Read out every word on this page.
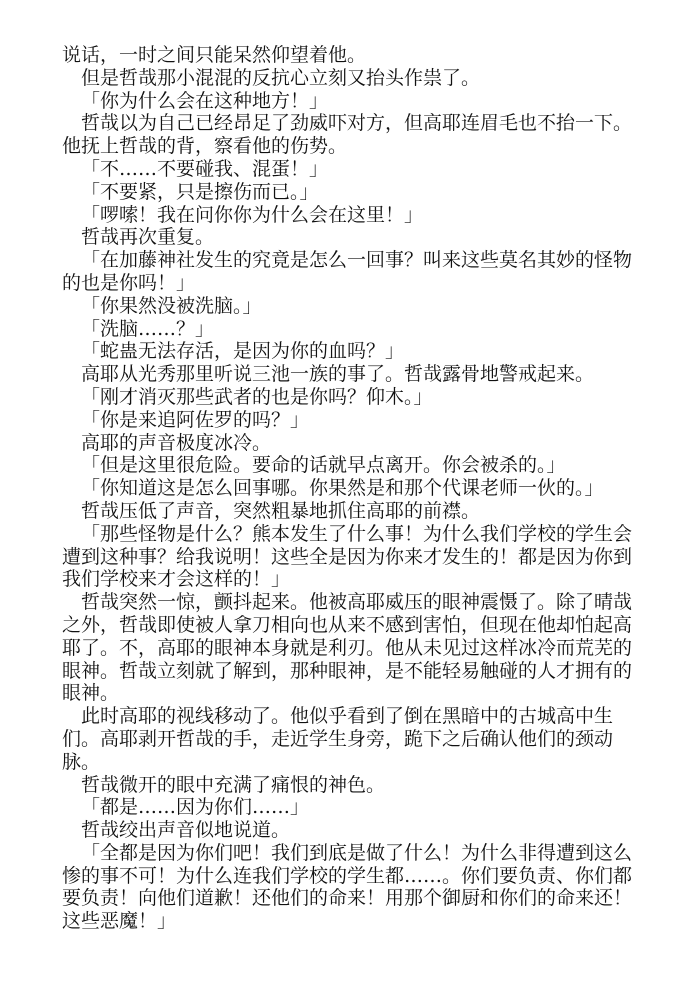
说话，一时之间只能呆然仰望着他。

但是哲哉那小混混的反抗心立刻又抬头作祟了。

「你为什么会在这种地方！」

哲哉以为自己已经昂足了劲威吓对方，但高耶连眉毛也不抬一下。他抚上哲哉的背，察看他的伤势。

「不……不要碰我、混蛋！」

「不要紧，只是擦伤而已。」

「啰嗦！我在问你你为什么会在这里！」

哲哉再次重复。

「在加藤神社发生的究竟是怎么一回事？叫来这些莫名其妙的怪物的也是你吗！」

「你果然没被洗脑。」

「洗脑……？」

「蛇蛊无法存活，是因为你的血吗？」

高耶从光秀那里听说三池一族的事了。哲哉露骨地警戒起来。

「刚才消灭那些武者的也是你吗？仰木。」

「你是来追阿佐罗的吗？」

高耶的声音极度冰冷。

「但是这里很危险。要命的话就早点离开。你会被杀的。」

「你知道这是怎么回事哪。你果然是和那个代课老师一伙的。」

哲哉压低了声音，突然粗暴地抓住高耶的前襟。

「那些怪物是什么？熊本发生了什么事！为什么我们学校的学生会遭到这种事？给我说明！这些全是因为你来才发生的！都是因为你到我们学校来才会这样的！」

哲哉突然一惊，颤抖起来。他被高耶威压的眼神震慑了。除了晴哉之外，哲哉即使被人拿刀相向也从来不感到害怕，但现在他却怕起高耶了。不，高耶的眼神本身就是利刃。他从未见过这样冰冷而荒芜的眼神。哲哉立刻就了解到，那种眼神，是不能轻易触碰的人才拥有的眼神。

此时高耶的视线移动了。他似乎看到了倒在黑暗中的古城高中生们。高耶剥开哲哉的手，走近学生身旁，跪下之后确认他们的颈动脉。

哲哉微开的眼中充满了痛恨的神色。

「都是……因为你们……」

哲哉绞出声音似地说道。

「全都是因为你们吧！我们到底是做了什么！为什么非得遭到这么惨的事不可！为什么连我们学校的学生都……。你们要负责、你们都要负责！向他们道歉！还他们的命来！用那个御厨和你们的命来还！这些恶魔！」
